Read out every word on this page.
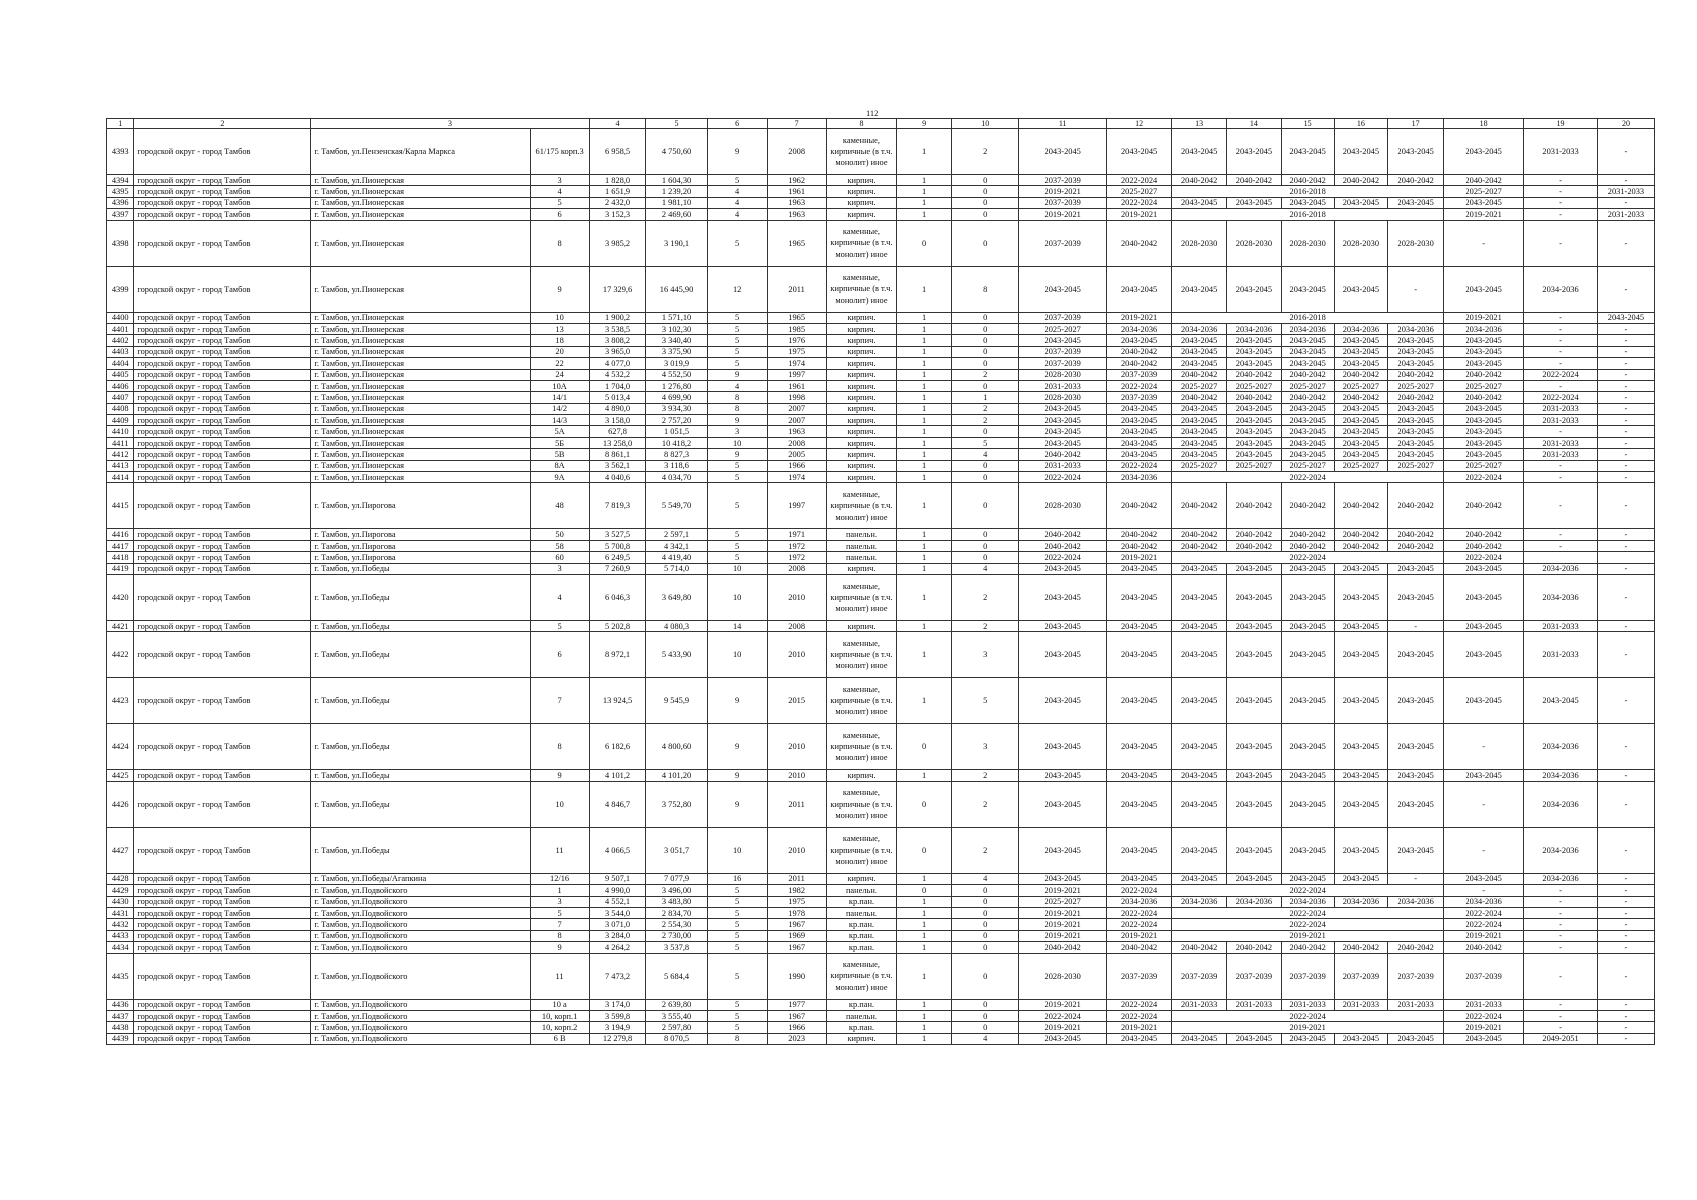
112
1	2	3		4	5	6	7	8	9	10	11	12	13	14	15	16	17	18	19	20
4393	городской округ - город Тамбов	г. Тамбов, ул.Пензенская/Карла Маркса	61/175 корп.3	6 958,5	4 750,60	9	2008	каменные, кирпичные (в т.ч. монолит) иное	1	2	2043-2045	2043-2045	2043-2045	2043-2045	2043-2045	2043-2045	2043-2045	2043-2045	2031-2033	-
4394	городской округ - город Тамбов	г. Тамбов, ул.Пионерская	3	1 828,0	1 604,30	5	1962	кирпич.	1	0	2037-2039	2022-2024	2040-2042	2040-2042	2040-2042	2040-2042	2040-2042	2040-2042	-	-
4395	городской округ - город Тамбов	г. Тамбов, ул.Пионерская	4	1 651,9	1 239,20	4	1961	кирпич.	1	0	2019-2021	2025-2027	2016-2018					2025-2027	-	2031-2033
4396	городской округ - город Тамбов	г. Тамбов, ул.Пионерская	5	2 432,0	1 981,10	4	1963	кирпич.	1	0	2037-2039	2022-2024	2043-2045	2043-2045	2043-2045	2043-2045	2043-2045	2043-2045	-	-
4397	городской округ - город Тамбов	г. Тамбов, ул.Пионерская	6	3 152,3	2 469,60	4	1963	кирпич.	1	0	2019-2021	2019-2021	2016-2018					2019-2021	-	2031-2033
4398	городской округ - город Тамбов	г. Тамбов, ул.Пионерская	8	3 985,2	3 190,1	5	1965	каменные, кирпичные (в т.ч. монолит) иное	0	0	2037-2039	2040-2042	2028-2030	2028-2030	2028-2030	2028-2030	2028-2030	-	-	-
4399	городской округ - город Тамбов	г. Тамбов, ул.Пионерская	9	17 329,6	16 445,90	12	2011	каменные, кирпичные (в т.ч. монолит) иное	1	8	2043-2045	2043-2045	2043-2045	2043-2045	2043-2045	2043-2045	-	2043-2045	2034-2036	-
4400	городской округ - город Тамбов	г. Тамбов, ул.Пионерская	10	1 900,2	1 571,10	5	1965	кирпич.	1	0	2037-2039	2019-2021	2016-2018					2019-2021	-	2043-2045
4401	городской округ - город Тамбов	г. Тамбов, ул.Пионерская	13	3 538,5	3 102,30	5	1985	кирпич.	1	0	2025-2027	2034-2036	2034-2036	2034-2036	2034-2036	2034-2036	2034-2036	2034-2036	-	-
4402	городской округ - город Тамбов	г. Тамбов, ул.Пионерская	18	3 808,2	3 340,40	5	1976	кирпич.	1	0	2043-2045	2043-2045	2043-2045	2043-2045	2043-2045	2043-2045	2043-2045	2043-2045	-	-
4403	городской округ - город Тамбов	г. Тамбов, ул.Пионерская	20	3 965,0	3 375,90	5	1975	кирпич.	1	0	2037-2039	2040-2042	2043-2045	2043-2045	2043-2045	2043-2045	2043-2045	2043-2045	-	-
4404	городской округ - город Тамбов	г. Тамбов, ул.Пионерская	22	4 077,0	3 019,9	5	1974	кирпич.	1	0	2037-2039	2040-2042	2043-2045	2043-2045	2043-2045	2043-2045	2043-2045	2043-2045	-	-
4405	городской округ - город Тамбов	г. Тамбов, ул.Пионерская	24	4 532,2	4 552,50	9	1997	кирпич.	1	2	2028-2030	2037-2039	2040-2042	2040-2042	2040-2042	2040-2042	2040-2042	2040-2042	2022-2024	-
4406	городской округ - город Тамбов	г. Тамбов, ул.Пионерская	10А	1 704,0	1 276,80	4	1961	кирпич.	1	0	2031-2033	2022-2024	2025-2027	2025-2027	2025-2027	2025-2027	2025-2027	2025-2027	-	-
4407	городской округ - город Тамбов	г. Тамбов, ул.Пионерская	14/1	5 013,4	4 699,90	8	1998	кирпич.	1	1	2028-2030	2037-2039	2040-2042	2040-2042	2040-2042	2040-2042	2040-2042	2040-2042	2022-2024	-
4408	городской округ - город Тамбов	г. Тамбов, ул.Пионерская	14/2	4 890,0	3 934,30	8	2007	кирпич.	1	2	2043-2045	2043-2045	2043-2045	2043-2045	2043-2045	2043-2045	2043-2045	2043-2045	2031-2033	-
4409	городской округ - город Тамбов	г. Тамбов, ул.Пионерская	14/3	3 158,0	2 757,20	9	2007	кирпич.	1	2	2043-2045	2043-2045	2043-2045	2043-2045	2043-2045	2043-2045	2043-2045	2043-2045	2031-2033	-
4410	городской округ - город Тамбов	г. Тамбов, ул.Пионерская	5А	627,8	1 051,5	3	1963	кирпич.	1	0	2043-2045	2043-2045	2043-2045	2043-2045	2043-2045	2043-2045	2043-2045	2043-2045	-	-
4411	городской округ - город Тамбов	г. Тамбов, ул.Пионерская	5Б	13 258,0	10 418,2	10	2008	кирпич.	1	5	2043-2045	2043-2045	2043-2045	2043-2045	2043-2045	2043-2045	2043-2045	2043-2045	2031-2033	-
4412	городской округ - город Тамбов	г. Тамбов, ул.Пионерская	5В	8 861,1	8 827,3	9	2005	кирпич.	1	4	2040-2042	2043-2045	2043-2045	2043-2045	2043-2045	2043-2045	2043-2045	2043-2045	2031-2033	-
4413	городской округ - город Тамбов	г. Тамбов, ул.Пионерская	8А	3 562,1	3 118,6	5	1966	кирпич.	1	0	2031-2033	2022-2024	2025-2027	2025-2027	2025-2027	2025-2027	2025-2027	2025-2027	-	-
4414	городской округ - город Тамбов	г. Тамбов, ул.Пионерская	9А	4 040,6	4 034,70	5	1974	кирпич.	1	0	2022-2024	2034-2036	2022-2024					2022-2024	-	-
4415	городской округ - город Тамбов	г. Тамбов, ул.Пирогова	48	7 819,3	5 549,70	5	1997	каменные, кирпичные (в т.ч. монолит) иное	1	0	2028-2030	2040-2042	2040-2042	2040-2042	2040-2042	2040-2042	2040-2042	2040-2042	-	-
4416	городской округ - город Тамбов	г. Тамбов, ул.Пирогова	50	3 527,5	2 597,1	5	1971	панельн.	1	0	2040-2042	2040-2042	2040-2042	2040-2042	2040-2042	2040-2042	2040-2042	2040-2042	-	-
4417	городской округ - город Тамбов	г. Тамбов, ул.Пирогова	58	5 700,8	4 342,1	5	1972	панельн.	1	0	2040-2042	2040-2042	2040-2042	2040-2042	2040-2042	2040-2042	2040-2042	2040-2042	-	-
4418	городской округ - город Тамбов	г. Тамбов, ул.Пирогова	60	6 249,5	4 419,40	5	1972	панельн.	1	0	2022-2024	2019-2021	2022-2024					2022-2024		
4419	городской округ - город Тамбов	г. Тамбов, ул.Победы	3	7 260,9	5 714,0	10	2008	кирпич.	1	4	2043-2045	2043-2045	2043-2045	2043-2045	2043-2045	2043-2045	2043-2045	2043-2045	2034-2036	-
4420	городской округ - город Тамбов	г. Тамбов, ул.Победы	4	6 046,3	3 649,80	10	2010	каменные, кирпичные (в т.ч. монолит) иное	1	2	2043-2045	2043-2045	2043-2045	2043-2045	2043-2045	2043-2045	2043-2045	2043-2045	2034-2036	-
4421	городской округ - город Тамбов	г. Тамбов, ул.Победы	5	5 202,8	4 080,3	14	2008	кирпич.	1	2	2043-2045	2043-2045	2043-2045	2043-2045	2043-2045	2043-2045	-	2043-2045	2031-2033	-
4422	городской округ - город Тамбов	г. Тамбов, ул.Победы	6	8 972,1	5 433,90	10	2010	каменные, кирпичные (в т.ч. монолит) иное	1	3	2043-2045	2043-2045	2043-2045	2043-2045	2043-2045	2043-2045	2043-2045	2043-2045	2031-2033	-
4423	городской округ - город Тамбов	г. Тамбов, ул.Победы	7	13 924,5	9 545,9	9	2015	каменные, кирпичные (в т.ч. монолит) иное	1	5	2043-2045	2043-2045	2043-2045	2043-2045	2043-2045	2043-2045	2043-2045	2043-2045	2043-2045	-
4424	городской округ - город Тамбов	г. Тамбов, ул.Победы	8	6 182,6	4 800,60	9	2010	каменные, кирпичные (в т.ч. монолит) иное	0	3	2043-2045	2043-2045	2043-2045	2043-2045	2043-2045	2043-2045	2043-2045	-	2034-2036	-
4425	городской округ - город Тамбов	г. Тамбов, ул.Победы	9	4 101,2	4 101,20	9	2010	кирпич.	1	2	2043-2045	2043-2045	2043-2045	2043-2045	2043-2045	2043-2045	2043-2045	2043-2045	2034-2036	-
4426	городской округ - город Тамбов	г. Тамбов, ул.Победы	10	4 846,7	3 752,80	9	2011	каменные, кирпичные (в т.ч. монолит) иное	0	2	2043-2045	2043-2045	2043-2045	2043-2045	2043-2045	2043-2045	2043-2045	-	2034-2036	-
4427	городской округ - город Тамбов	г. Тамбов, ул.Победы	11	4 066,5	3 051,7	10	2010	каменные, кирпичные (в т.ч. монолит) иное	0	2	2043-2045	2043-2045	2043-2045	2043-2045	2043-2045	2043-2045	2043-2045	-	2034-2036	-
4428	городской округ - город Тамбов	г. Тамбов, ул.Победы/Агапкина	12/16	9 507,1	7 077,9	16	2011	кирпич.	1	4	2043-2045	2043-2045	2043-2045	2043-2045	2043-2045	2043-2045	-	2043-2045	2034-2036	-
4429	городской округ - город Тамбов	г. Тамбов, ул.Подвойского	1	4 990,0	3 496,00	5	1982	панельн.	0	0	2019-2021	2022-2024	2022-2024					-	-	-
4430	городской округ - город Тамбов	г. Тамбов, ул.Подвойского	3	4 552,1	3 483,80	5	1975	кр.пан.	1	0	2025-2027	2034-2036	2034-2036	2034-2036	2034-2036	2034-2036	2034-2036	2034-2036	-	-
4431	городской округ - город Тамбов	г. Тамбов, ул.Подвойского	5	3 544,0	2 834,70	5	1978	панельн.	1	0	2019-2021	2022-2024	2022-2024					2022-2024	-	-
4432	городской округ - город Тамбов	г. Тамбов, ул.Подвойского	7	3 071,0	2 554,30	5	1967	кр.пан.	1	0	2019-2021	2022-2024	2022-2024					2022-2024	-	-
4433	городской округ - город Тамбов	г. Тамбов, ул.Подвойского	8	3 284,0	2 730,00	5	1969	кр.пан.	1	0	2019-2021	2019-2021	2019-2021					2019-2021	-	-
4434	городской округ - город Тамбов	г. Тамбов, ул.Подвойского	9	4 264,2	3 537,8	5	1967	кр.пан.	1	0	2040-2042	2040-2042	2040-2042	2040-2042	2040-2042	2040-2042	2040-2042	2040-2042	-	-
4435	городской округ - город Тамбов	г. Тамбов, ул.Подвойского	11	7 473,2	5 684,4	5	1990	каменные, кирпичные (в т.ч. монолит) иное	1	0	2028-2030	2037-2039	2037-2039	2037-2039	2037-2039	2037-2039	2037-2039	2037-2039	-	-
4436	городской округ - город Тамбов	г. Тамбов, ул.Подвойского	10 а	3 174,0	2 639,80	5	1977	кр.пан.	1	0	2019-2021	2022-2024	2031-2033	2031-2033	2031-2033	2031-2033	2031-2033	2031-2033	-	-
4437	городской округ - город Тамбов	г. Тамбов, ул.Подвойского	10, корп.1	3 599,8	3 555,40	5	1967	панельн.	1	0	2022-2024	2022-2024	2022-2024					2022-2024	-	-
4438	городской округ - город Тамбов	г. Тамбов, ул.Подвойского	10, корп.2	3 194,9	2 597,80	5	1966	кр.пан.	1	0	2019-2021	2019-2021	2019-2021					2019-2021	-	-
4439	городской округ - город Тамбов	г. Тамбов, ул.Подвойского	6 В	12 279,8	8 070,5	8	2023	кирпич.	1	4	2043-2045	2043-2045	2043-2045	2043-2045	2043-2045	2043-2045	2043-2045	2043-2045	2049-2051	-
